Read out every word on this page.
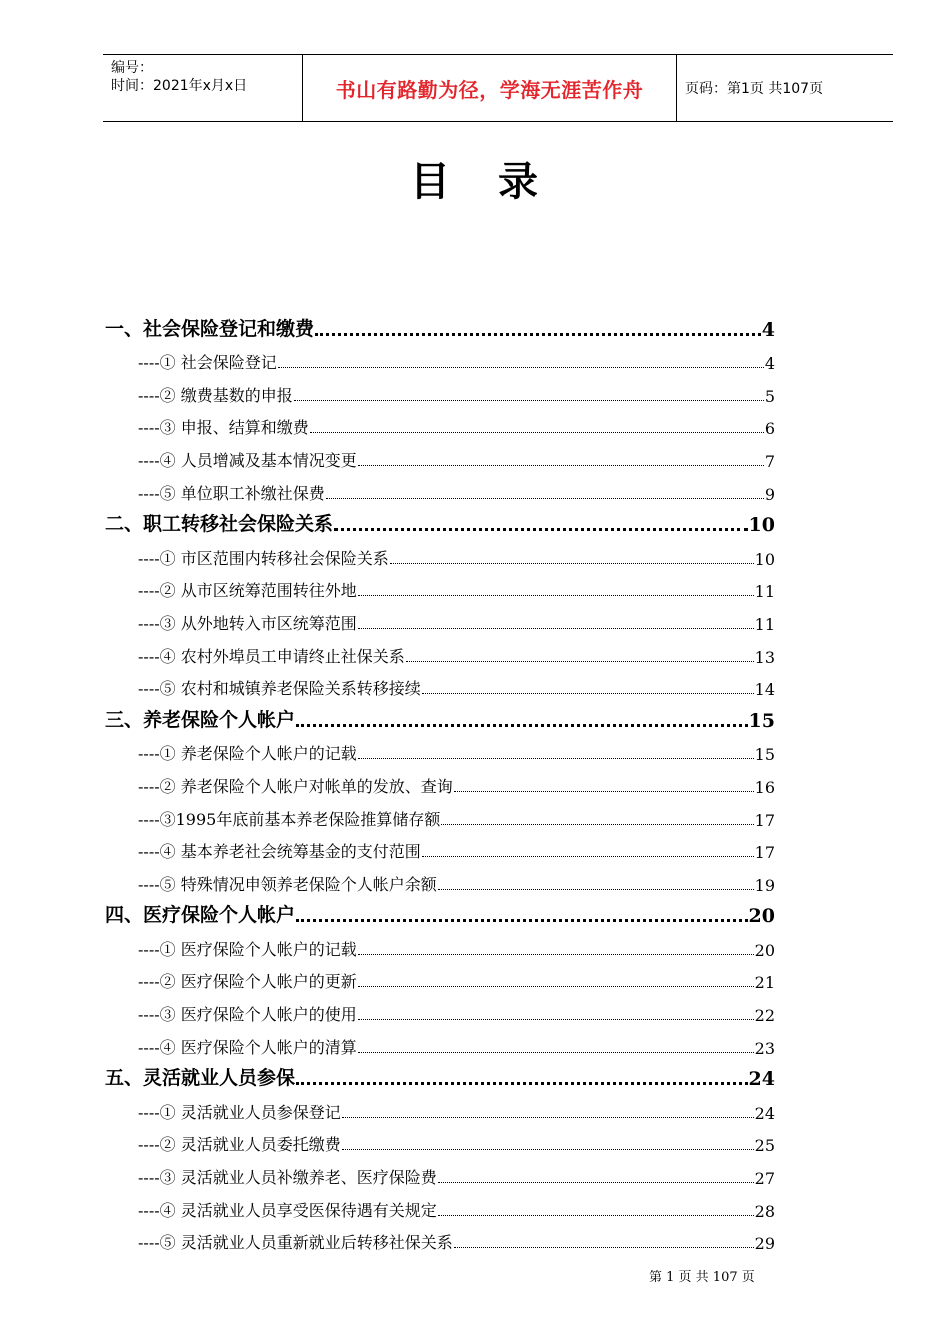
编号：
时间：2021年x月x日	书山有路勤为径，学海无涯苦作舟	页码：第1页 共107页
目 录
一、社会保险登记和缴费	4
----① 社会保险登记	4
----② 缴费基数的申报	5
----③ 申报、结算和缴费	6
----④ 人员增减及基本情况变更	7
----⑤ 单位职工补缴社保费	9
二、职工转移社会保险关系	10
----① 市区范围内转移社会保险关系	10
----② 从市区统筹范围转往外地	11
----③ 从外地转入市区统筹范围	11
----④ 农村外埠员工申请终止社保关系	13
----⑤ 农村和城镇养老保险关系转移接续	14
三、养老保险个人帐户	15
----① 养老保险个人帐户的记载	15
----② 养老保险个人帐户对帐单的发放、查询	16
----③1995年底前基本养老保险推算储存额	17
----④ 基本养老社会统筹基金的支付范围	17
----⑤ 特殊情况申领养老保险个人帐户余额	19
四、医疗保险个人帐户	20
----① 医疗保险个人帐户的记载	20
----② 医疗保险个人帐户的更新	21
----③ 医疗保险个人帐户的使用	22
----④ 医疗保险个人帐户的清算	23
五、灵活就业人员参保	24
----① 灵活就业人员参保登记	24
----② 灵活就业人员委托缴费	25
----③ 灵活就业人员补缴养老、医疗保险费	27
----④ 灵活就业人员享受医保待遇有关规定	28
----⑤ 灵活就业人员重新就业后转移社保关系	29
第 1 页 共 107 页
